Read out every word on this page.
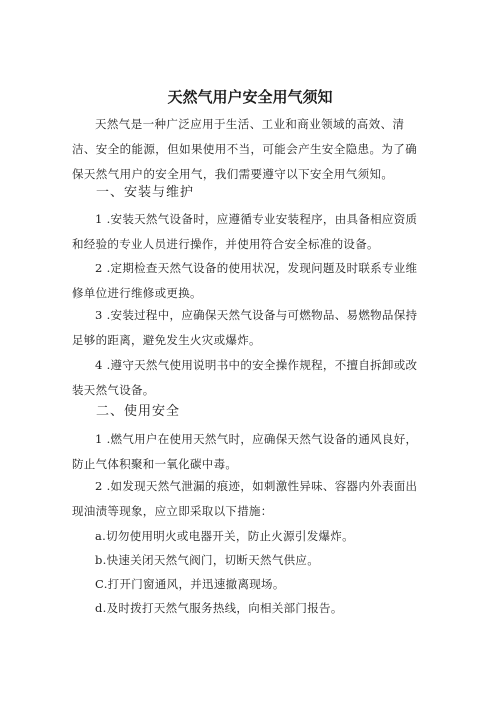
天然气用户安全用气须知

天然气是一种广泛应用于生活、工业和商业领域的高效、清洁、安全的能源，但如果使用不当，可能会产生安全隐患。为了确保天然气用户的安全用气，我们需要遵守以下安全用气须知。

一、安装与维护

1 .安装天然气设备时，应遵循专业安装程序，由具备相应资质和经验的专业人员进行操作，并使用符合安全标准的设备。

2 .定期检查天然气设备的使用状况，发现问题及时联系专业维修单位进行维修或更换。

3 .安装过程中，应确保天然气设备与可燃物品、易燃物品保持足够的距离，避免发生火灾或爆炸。

4 .遵守天然气使用说明书中的安全操作规程，不擅自拆卸或改装天然气设备。

二、使用安全

1 .燃气用户在使用天然气时，应确保天然气设备的通风良好，防止气体积聚和一氧化碳中毒。

2 .如发现天然气泄漏的痕迹，如刺激性异味、容器内外表面出现油渍等现象，应立即采取以下措施：

a.切勿使用明火或电器开关，防止火源引发爆炸。

b.快速关闭天然气阀门，切断天然气供应。

C.打开门窗通风，并迅速撤离现场。

d.及时拨打天然气服务热线，向相关部门报告。
